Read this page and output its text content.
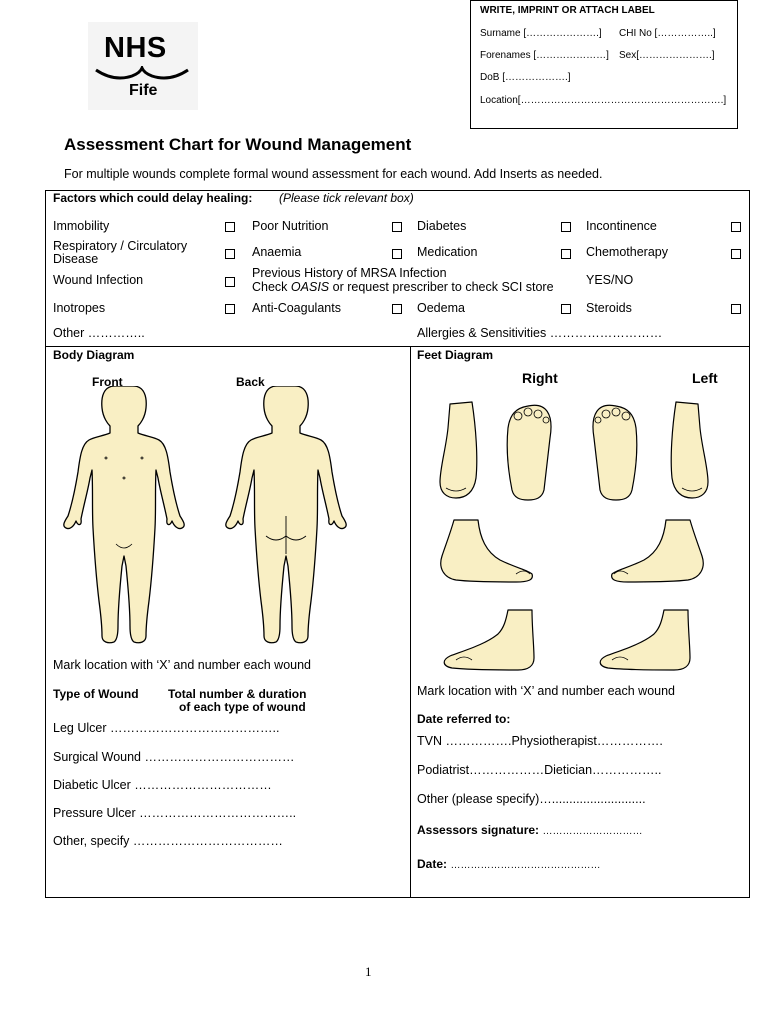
NHS
Fife
WRITE, IMPRINT OR ATTACH LABEL
Surname [………………….] CHI No [……………..]
Forenames […………………] Sex[………………….]
DoB [……………….]
Location[…………………………………………………….]
Assessment Chart for Wound Management
For multiple wounds complete formal wound assessment for each wound. Add Inserts as needed.
Factors which could delay healing: (Please tick relevant box)
Immobility	Poor Nutrition	Diabetes	Incontinence
Respiratory / Circulatory
Disease	Anaemia	Medication	Chemotherapy
Wound Infection	Previous History of MRSA Infection
Check OASIS or request prescriber to check SCI store	YES/NO
Inotropes	Anti-Coagulants	Oedema	Steroids
Other …………..	Allergies & Sensitivities ………………………
Body Diagram
Front	Back
Mark location with ‘X’ and number each wound
Type of Wound Total number & duration
of each type of wound
Leg Ulcer …………………………………..
Surgical Wound ………………………………
Diabetic Ulcer ……………………………
Pressure Ulcer ………………………………..
Other, specify ………………………………
Feet Diagram
Right	Left
Mark location with ‘X’ and number each wound
Date referred to:
TVN …………….Physiotherapist…………….
Podiatrist………………Dietician……………..
Other (please specify)…...........................
Assessors signature: …………………………
Date: ………………………………………
1
